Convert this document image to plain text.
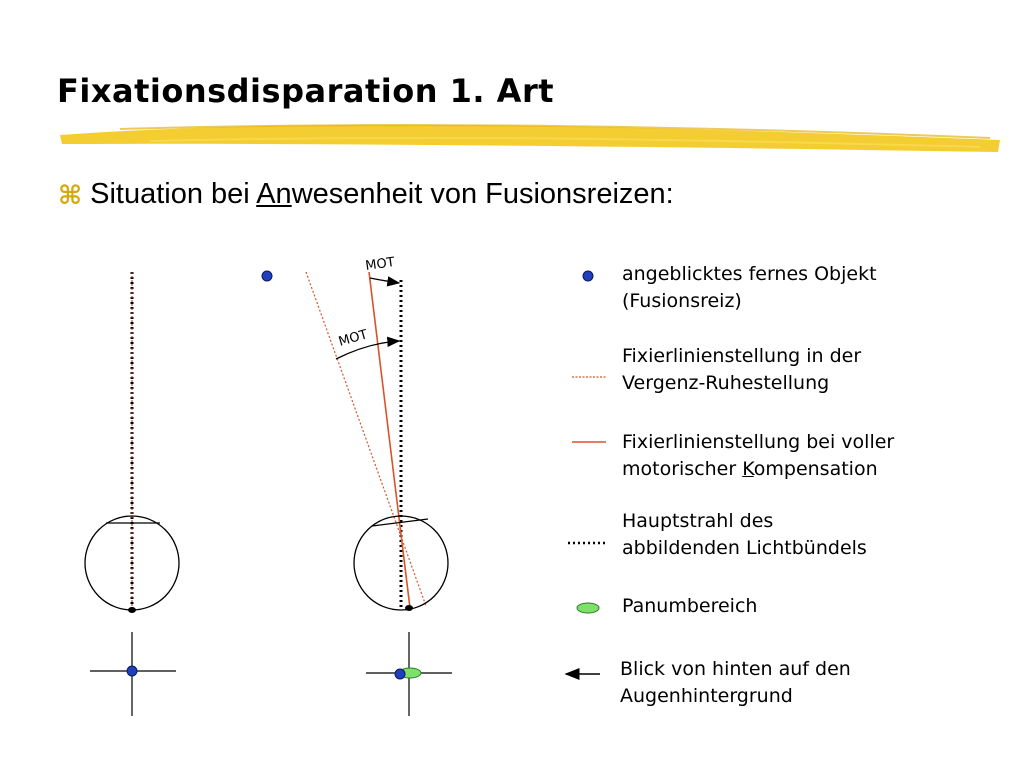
Fixationsdisparation 1. Art
⌘ Situation bei Anwesenheit von Fusionsreizen:
MOT
MOT
angeblicktes fernes Objekt
(Fusionsreiz)
Fixierlinienstellung in der
Vergenz-Ruhestellung
Fixierlinienstellung bei voller
motorischer Kompensation
Hauptstrahl des
abbildenden Lichtbündels
Panumbereich
Blick von hinten auf den
Augenhintergrund
